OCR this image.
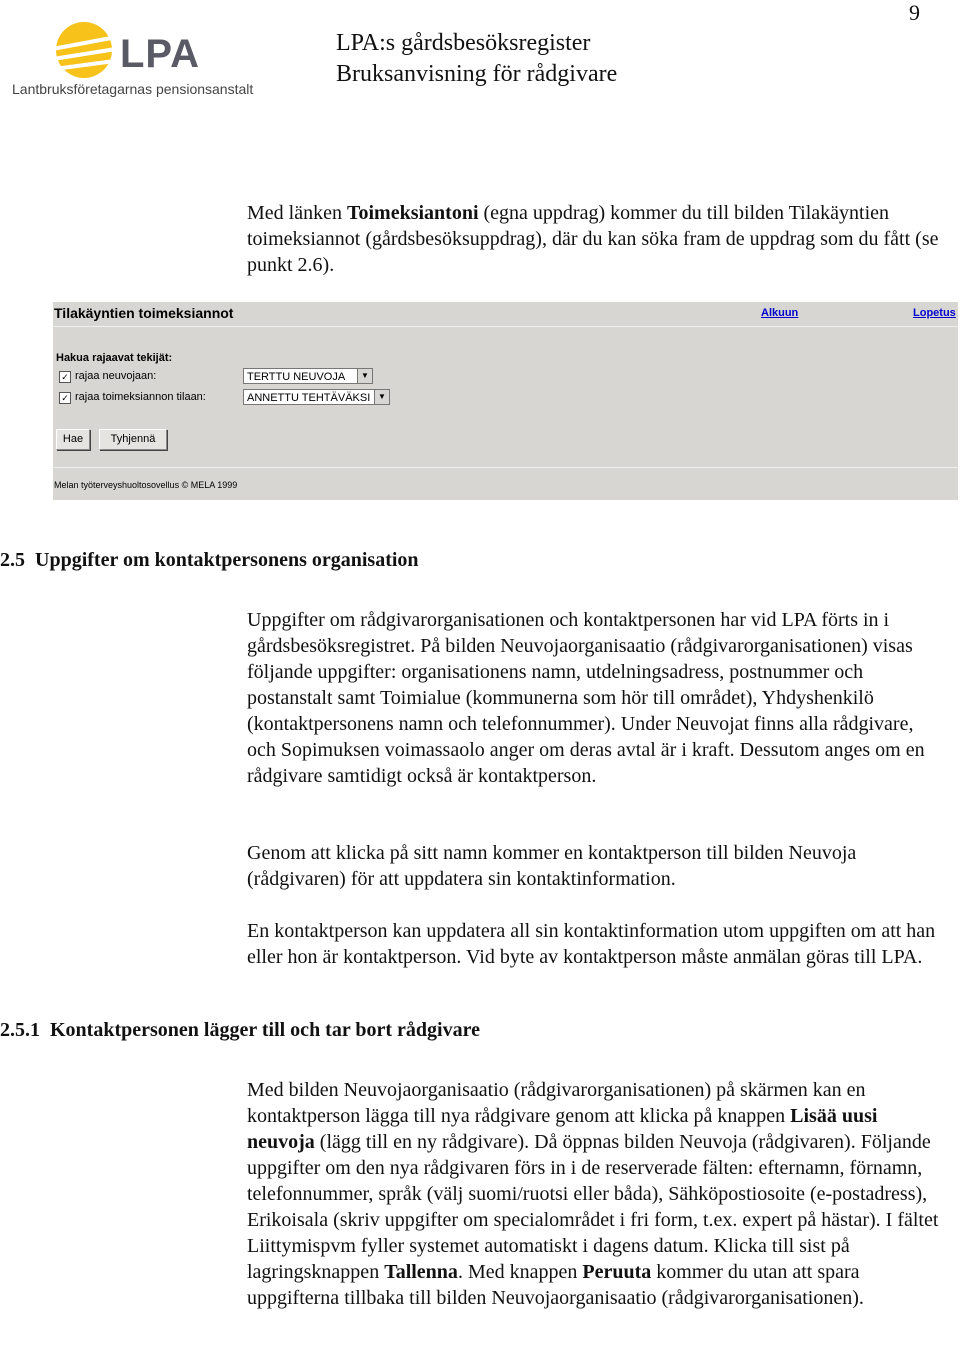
9
LPA
Lantbruksföretagarnas pensionsanstalt
LPA:s gårdsbesöksregister
Bruksanvisning för rådgivare

Med länken Toimeksiantoni (egna uppdrag) kommer du till bilden Tilakäyntien toimeksiannot (gårdsbesöksuppdrag), där du kan söka fram de uppdrag som du fått (se punkt 2.6).

Tilakäyntien toimeksiannot	Alkuun	Lopetus
Hakua rajaavat tekijät:
✓ rajaa neuvojaan:	TERTTU NEUVOJA	▼
✓ rajaa toimeksiannon tilaan:	ANNETTU TEHTÄVÄKSI ▼
Hae	Tyhjennä
Melan työterveyshuoltosovellus © MELA 1999
2.5  Uppgifter om kontaktpersonens organisation

Uppgifter om rådgivarorganisationen och kontaktpersonen har vid LPA förts in i gårdsbesöksregistret. På bilden Neuvojaorganisaatio (rådgivarorganisationen) visas följande uppgifter: organisationens namn, utdelningsadress, postnummer och postanstalt samt Toimialue (kommunerna som hör till området), Yhdyshenkilö (kontaktpersonens namn och telefonnummer). Under Neuvojat finns alla rådgivare, och Sopimuksen voimassaolo anger om deras avtal är i kraft. Dessutom anges om en rådgivare samtidigt också är kontaktperson.

Genom att klicka på sitt namn kommer en kontaktperson till bilden Neuvoja (rådgivaren) för att uppdatera sin kontaktinformation.

En kontaktperson kan uppdatera all sin kontaktinformation utom uppgiften om att han eller hon är kontaktperson. Vid byte av kontaktperson måste anmälan göras till LPA.

2.5.1  Kontaktpersonen lägger till och tar bort rådgivare

Med bilden Neuvojaorganisaatio (rådgivarorganisationen) på skärmen kan en kontaktperson lägga till nya rådgivare genom att klicka på knappen Lisää uusi neuvoja (lägg till en ny rådgivare). Då öppnas bilden Neuvoja (rådgivaren). Följande uppgifter om den nya rådgivaren förs in i de reserverade fälten: efternamn, förnamn, telefonnummer, språk (välj suomi/ruotsi eller båda), Sähköpostiosoite (e-postadress), Erikoisala (skriv uppgifter om specialområdet i fri form, t.ex. expert på hästar). I fältet Liittymispvm fyller systemet automatiskt i dagens datum. Klicka till sist på lagringsknappen Tallenna. Med knappen Peruuta kommer du utan att spara uppgifterna tillbaka till bilden Neuvojaorganisaatio (rådgivarorganisationen).
